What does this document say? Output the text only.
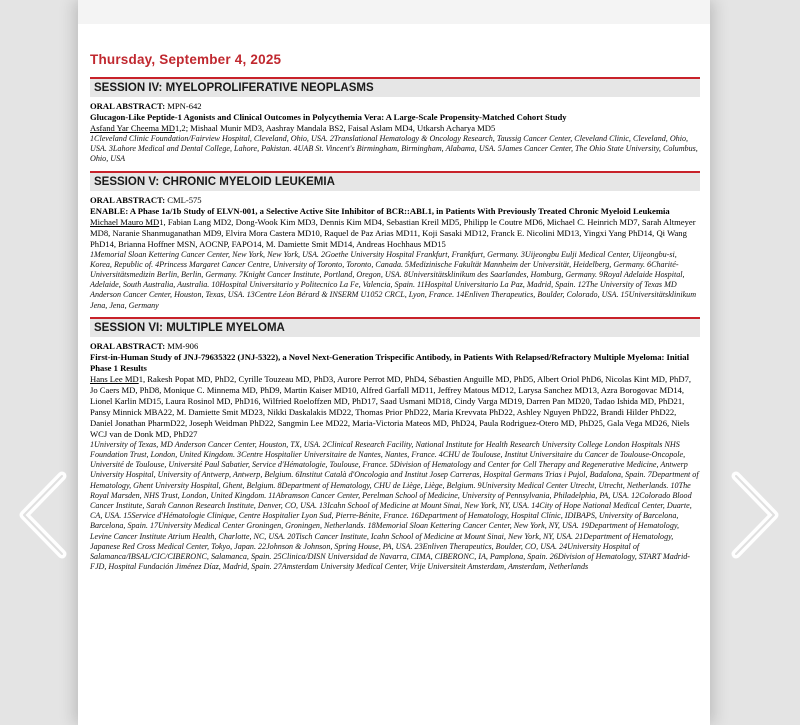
Thursday, September 4, 2025
SESSION IV: MYELOPROLIFERATIVE NEOPLASMS

ORAL ABSTRACT: MPN-642

Glucagon-Like Peptide-1 Agonists and Clinical Outcomes in Polycythemia Vera: A Large-Scale Propensity-Matched Cohort Study

Asfand Yar Cheema MD1,2; Mishaal Munir MD3, Aashray Mandala BS2, Faisal Aslam MD4, Utkarsh Acharya MD5

1Cleveland Clinic Foundation/Fairview Hospital, Cleveland, Ohio, USA. 2Translational Hematology & Oncology Research, Taussig Cancer Center, Cleveland Clinic, Cleveland, Ohio, USA. 3Lahore Medical and Dental College, Lahore, Pakistan. 4UAB St. Vincent's Birmingham, Birmingham, Alabama, USA. 5James Cancer Center, The Ohio State University, Columbus, Ohio, USA

SESSION V: CHRONIC MYELOID LEUKEMIA

ORAL ABSTRACT: CML-575

ENABLE: A Phase 1a/1b Study of ELVN-001, a Selective Active Site Inhibitor of BCR::ABL1, in Patients With Previously Treated Chronic Myeloid Leukemia

Michael Mauro MD1, Fabian Lang MD2, Dong-Wook Kim MD3, Dennis Kim MD4, Sebastian Kreil MD5, Philipp le Coutre MD6, Michael C. Heinrich MD7, Sarah Altmeyer MD8, Naranie Shanmuganathan MD9, Elvira Mora Castera MD10, Raquel de Paz Arias MD11, Koji Sasaki MD12, Franck E. Nicolini MD13, Yingxi Yang PhD14, Qi Wang PhD14, Brianna Hoffner MSN, AOCNP, FAPO14, M. Damiette Smit MD14, Andreas Hochhaus MD15

1Memorial Sloan Kettering Cancer Center, New York, New York, USA. 2Goethe University Hospital Frankfurt, Frankfurt, Germany. 3Uijeongbu Eulji Medical Center, Uijeongbu-si, Korea, Republic of. 4Princess Margaret Cancer Centre, University of Toronto, Toronto, Canada. 5Medizinische Fakultät Mannheim der Universität, Heidelberg, Germany. 6Charité-Universitätsmedizin Berlin, Berlin, Germany. 7Knight Cancer Institute, Portland, Oregon, USA. 8Universitätsklinikum des Saarlandes, Homburg, Germany. 9Royal Adelaide Hospital, Adelaide, South Australia, Australia. 10Hospital Universitario y Politecnico La Fe, Valencia, Spain. 11Hospital Universitario La Paz, Madrid, Spain. 12The University of Texas MD Anderson Cancer Center, Houston, Texas, USA. 13Centre Léon Bérard & INSERM U1052 CRCL, Lyon, France. 14Enliven Therapeutics, Boulder, Colorado, USA. 15Universitätsklinikum Jena, Jena, Germany

SESSION VI: MULTIPLE MYELOMA

ORAL ABSTRACT: MM-906

First-in-Human Study of JNJ-79635322 (JNJ-5322), a Novel Next-Generation Trispecific Antibody, in Patients With Relapsed/Refractory Multiple Myeloma: Initial Phase 1 Results

Hans Lee MD1, Rakesh Popat MD, PhD2, Cyrille Touzeau MD, PhD3, Aurore Perrot MD, PhD4, Sébastien Anguille MD, PhD5, Albert Oriol PhD6, Nicolas Kint MD, PhD7, Jo Caers MD, PhD8, Monique C. Minnema MD, PhD9, Martin Kaiser MD10, Alfred Garfall MD11, Jeffrey Matous MD12, Larysa Sanchez MD13, Azra Borogovac MD14, Lionel Karlin MD15, Laura Rosinol MD, PhD16, Wilfried Roeloffzen MD, PhD17, Saad Usmani MD18, Cindy Varga MD19, Darren Pan MD20, Tadao Ishida MD, PhD21, Pansy Minnick MBA22, M. Damiette Smit MD23, Nikki Daskalakis MD22, Thomas Prior PhD22, Maria Krevvata PhD22, Ashley Nguyen PhD22, Brandi Hilder PhD22, Daniel Jonathan PharmD22, Joseph Weidman PhD22, Sangmin Lee MD22, Maria-Victoria Mateos MD, PhD24, Paula Rodriguez-Otero MD, PhD25, Gala Vega MD26, Niels WCJ van de Donk MD, PhD27

1University of Texas, MD Anderson Cancer Center, Houston, TX, USA. 2Clinical Research Facility, National Institute for Health Research University College London Hospitals NHS Foundation Trust, London, United Kingdom. 3Centre Hospitalier Universitaire de Nantes, Nantes, France. 4CHU de Toulouse, Institut Universitaire du Cancer de Toulouse-Oncopole, Université de Toulouse, Université Paul Sabatier, Service d'Hématologie, Toulouse, France. 5Division of Hematology and Center for Cell Therapy and Regenerative Medicine, Antwerp University Hospital, University of Antwerp, Antwerp, Belgium. 6Institut Català d'Oncologia and Institut Josep Carreras, Hospital Germans Trias i Pujol, Badalona, Spain. 7Department of Hematology, Ghent University Hospital, Ghent, Belgium. 8Department of Hematology, CHU de Liège, Liège, Belgium. 9University Medical Center Utrecht, Utrecht, Netherlands. 10The Royal Marsden, NHS Trust, London, United Kingdom. 11Abramson Cancer Center, Perelman School of Medicine, University of Pennsylvania, Philadelphia, PA, USA. 12Colorado Blood Cancer Institute, Sarah Cannon Research Institute, Denver, CO, USA. 13Icahn School of Medicine at Mount Sinai, New York, NY, USA. 14City of Hope National Medical Center, Duarte, CA, USA. 15Service d'Hématologie Clinique, Centre Hospitalier Lyon Sud, Pierre-Bénite, France. 16Department of Hematology, Hospital Clínic, IDIBAPS, University of Barcelona, Barcelona, Spain. 17University Medical Center Groningen, Groningen, Netherlands. 18Memorial Sloan Kettering Cancer Center, New York, NY, USA. 19Department of Hematology, Levine Cancer Institute Atrium Health, Charlotte, NC, USA. 20Tisch Cancer Institute, Icahn School of Medicine at Mount Sinai, New York, NY, USA. 21Department of Hematology, Japanese Red Cross Medical Center, Tokyo, Japan. 22Johnson & Johnson, Spring House, PA, USA. 23Enliven Therapeutics, Boulder, CO, USA. 24University Hospital of Salamanca/IBSAL/CIC/CIBERONC, Salamanca, Spain. 25Clinica/DISN Universidad de Navarra, CIMA, CIBERONC, IA, Pamplona, Spain. 26Division of Hematology, START Madrid-FJD, Hospital Fundación Jiménez Díaz, Madrid, Spain. 27Amsterdam University Medical Center, Vrije Universiteit Amsterdam, Amsterdam, Netherlands
